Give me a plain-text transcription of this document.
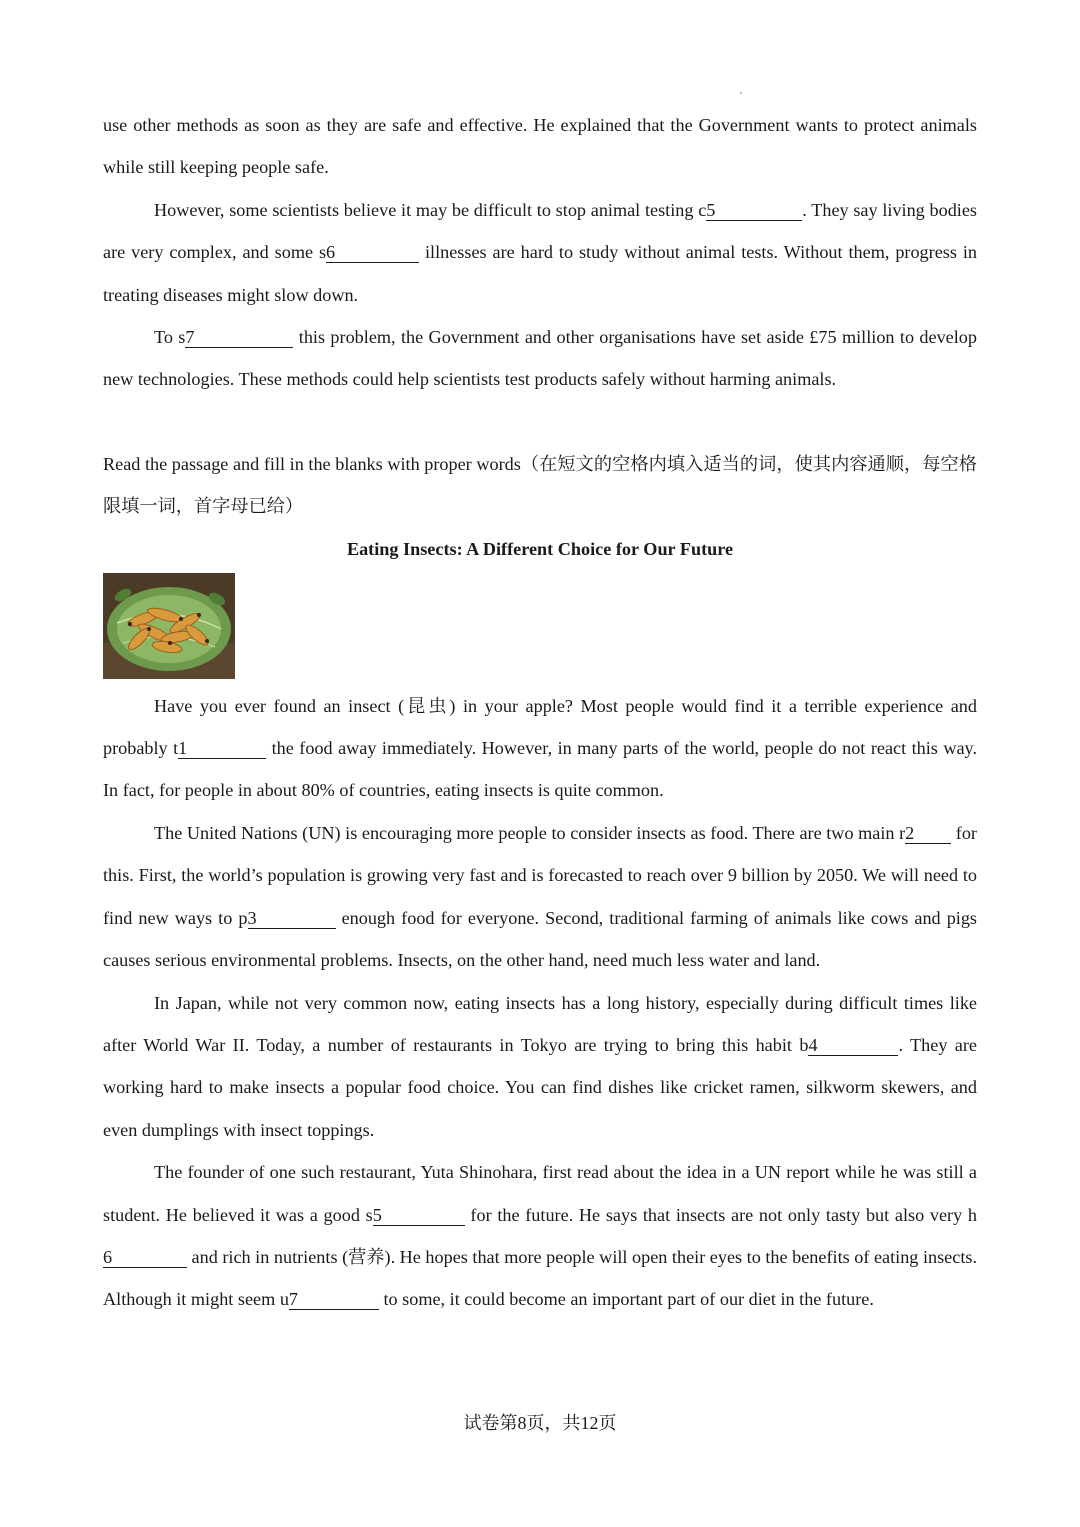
use other methods as soon as they are safe and effective. He explained that the Government wants to protect animals while still keeping people safe.

However, some scientists believe it may be difficult to stop animal testing c5	. They say living bodies are very complex, and some s6	illnesses are hard to study without animal tests. Without them, progress in treating diseases might slow down.

To s7	this problem, the Government and other organisations have set aside £75 million to develop new technologies. These methods could help scientists test products safely without harming animals.

Read the passage and fill in the blanks with proper words（在短文的空格内填入适当的词，使其内容通顺，每空格限填一词，首字母已给）

Eating Insects: A Different Choice for Our Future

Have you ever found an insect (昆虫) in your apple? Most people would find it a terrible experience and probably t1	the food away immediately. However, in many parts of the world, people do not react this way. In fact, for people in about 80% of countries, eating insects is quite common.

The United Nations (UN) is encouraging more people to consider insects as food. There are two main r2 for this. First, the world’s population is growing very fast and is forecasted to reach over 9 billion by 2050. We will need to find new ways to p3	enough food for everyone. Second, traditional farming of animals like cows and pigs causes serious environmental problems. Insects, on the other hand, need much less water and land.

In Japan, while not very common now, eating insects has a long history, especially during difficult times like after World War II. Today, a number of restaurants in Tokyo are trying to bring this habit b4	. They are working hard to make insects a popular food choice. You can find dishes like cricket ramen, silkworm skewers, and even dumplings with insect toppings.

The founder of one such restaurant, Yuta Shinohara, first read about the idea in a UN report while he was still a student. He believed it was a good s5	for the future. He says that insects are not only tasty but also very h6	and rich in nutrients (营养). He hopes that more people will open their eyes to the benefits of eating insects. Although it might seem u7	to some, it could become an important part of our diet in the future.

试卷第8页，共12页
